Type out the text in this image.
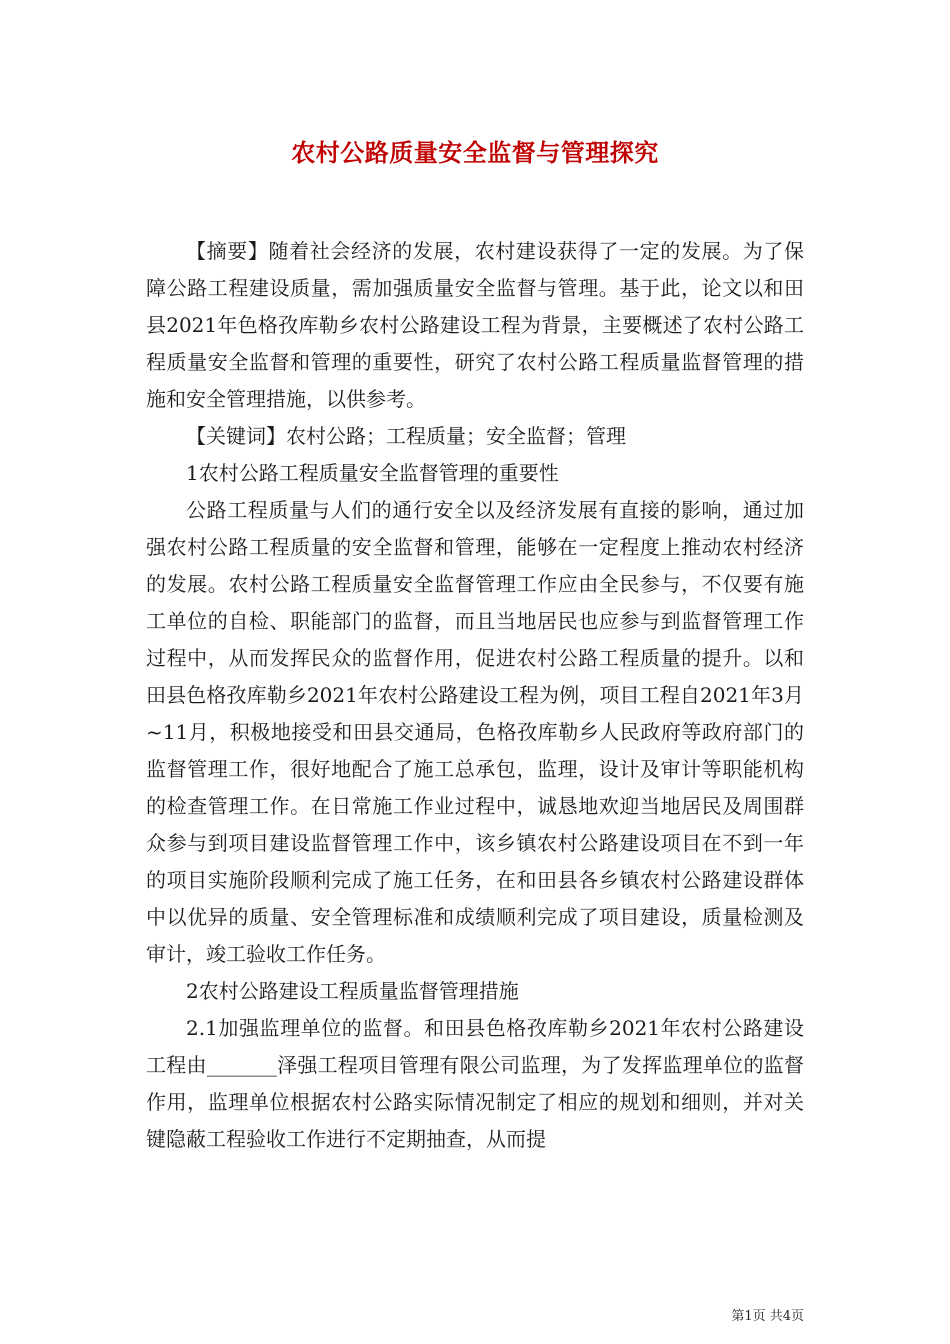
农村公路质量安全监督与管理探究

【摘要】随着社会经济的发展，农村建设获得了一定的发展。为了保障公路工程建设质量，需加强质量安全监督与管理。基于此，论文以和田县2021年色格孜库勒乡农村公路建设工程为背景，主要概述了农村公路工程质量安全监督和管理的重要性，研究了农村公路工程质量监督管理的措施和安全管理措施，以供参考。

【关键词】农村公路；工程质量；安全监督；管理

1农村公路工程质量安全监督管理的重要性

公路工程质量与人们的通行安全以及经济发展有直接的影响，通过加强农村公路工程质量的安全监督和管理，能够在一定程度上推动农村经济的发展。农村公路工程质量安全监督管理工作应由全民参与，不仅要有施工单位的自检、职能部门的监督，而且当地居民也应参与到监督管理工作过程中，从而发挥民众的监督作用，促进农村公路工程质量的提升。以和田县色格孜库勒乡2021年农村公路建设工程为例，项目工程自2021年3月~11月，积极地接受和田县交通局，色格孜库勒乡人民政府等政府部门的监督管理工作，很好地配合了施工总承包，监理，设计及审计等职能机构的检查管理工作。在日常施工作业过程中，诚恳地欢迎当地居民及周围群众参与到项目建设监督管理工作中，该乡镇农村公路建设项目在不到一年的项目实施阶段顺利完成了施工任务，在和田县各乡镇农村公路建设群体中以优异的质量、安全管理标准和成绩顺利完成了项目建设，质量检测及审计，竣工验收工作任务。

2农村公路建设工程质量监督管理措施

2.1加强监理单位的监督。和田县色格孜库勒乡2021年农村公路建设工程由_______泽强工程项目管理有限公司监理，为了发挥监理单位的监督作用，监理单位根据农村公路实际情况制定了相应的规划和细则，并对关键隐蔽工程验收工作进行不定期抽查，从而提

第1页 共4页
